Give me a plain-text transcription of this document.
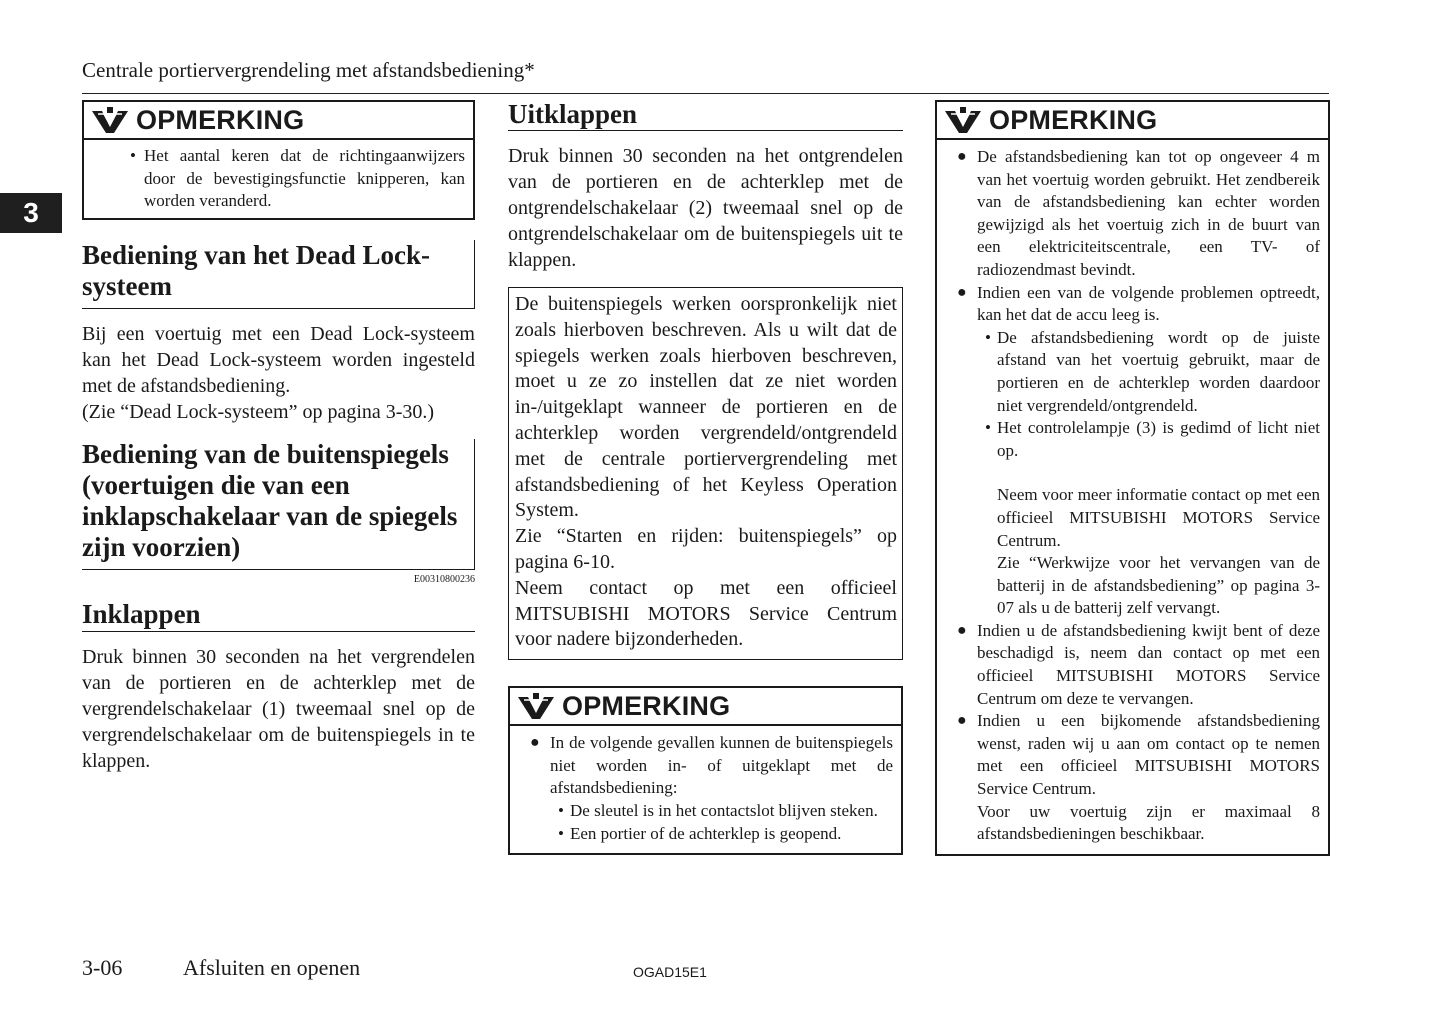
Centrale portiervergrendeling met afstandsbediening*
3
OPMERKING
• Het aantal keren dat de richtingaanwijzers door de bevestigingsfunctie knipperen, kan worden veranderd.
Bediening van het Dead Lock-systeem
Bij een voertuig met een Dead Lock-systeem kan het Dead Lock-systeem worden ingesteld met de afstandsbediening.
(Zie “Dead Lock-systeem” op pagina 3-30.)
Bediening van de buitenspiegels (voertuigen die van een inklapschakelaar van de spiegels zijn voorzien)
E00310800236
Inklappen
Druk binnen 30 seconden na het vergrendelen van de portieren en de achterklep met de vergrendelschakelaar (1) tweemaal snel op de vergrendelschakelaar om de buitenspiegels in te klappen.
Uitklappen
Druk binnen 30 seconden na het ontgrendelen van de portieren en de achterklep met de ontgrendelschakelaar (2) tweemaal snel op de ontgrendelschakelaar om de buitenspiegels uit te klappen.
De buitenspiegels werken oorspronkelijk niet zoals hierboven beschreven. Als u wilt dat de spiegels werken zoals hierboven beschreven, moet u ze zo instellen dat ze niet worden in-/uitgeklapt wanneer de portieren en de achterklep worden vergrendeld/ontgrendeld met de centrale portiervergrendeling met afstandsbediening of het Keyless Operation System.
Zie “Starten en rijden: buitenspiegels” op pagina 6-10.
Neem contact op met een officieel MITSUBISHI MOTORS Service Centrum voor nadere bijzonderheden.
OPMERKING
● In de volgende gevallen kunnen de buitenspiegels niet worden in- of uitgeklapt met de afstandsbediening:
• De sleutel is in het contactslot blijven steken.
• Een portier of de achterklep is geopend.
OPMERKING
● De afstandsbediening kan tot op ongeveer 4 m van het voertuig worden gebruikt. Het zendbereik van de afstandsbediening kan echter worden gewijzigd als het voertuig zich in de buurt van een elektriciteitscentrale, een TV- of radiozendmast bevindt.
● Indien een van de volgende problemen optreedt, kan het dat de accu leeg is.
• De afstandsbediening wordt op de juiste afstand van het voertuig gebruikt, maar de portieren en de achterklep worden daardoor niet vergrendeld/ontgrendeld.
• Het controlelampje (3) is gedimd of licht niet op.
Neem voor meer informatie contact op met een officieel MITSUBISHI MOTORS Service Centrum.
Zie “Werkwijze voor het vervangen van de batterij in de afstandsbediening” op pagina 3-07 als u de batterij zelf vervangt.
● Indien u de afstandsbediening kwijt bent of deze beschadigd is, neem dan contact op met een officieel MITSUBISHI MOTORS Service Centrum om deze te vervangen.
● Indien u een bijkomende afstandsbediening wenst, raden wij u aan om contact op te nemen met een officieel MITSUBISHI MOTORS Service Centrum.
Voor uw voertuig zijn er maximaal 8 afstandsbedieningen beschikbaar.
3-06	Afsluiten en openen	OGAD15E1
